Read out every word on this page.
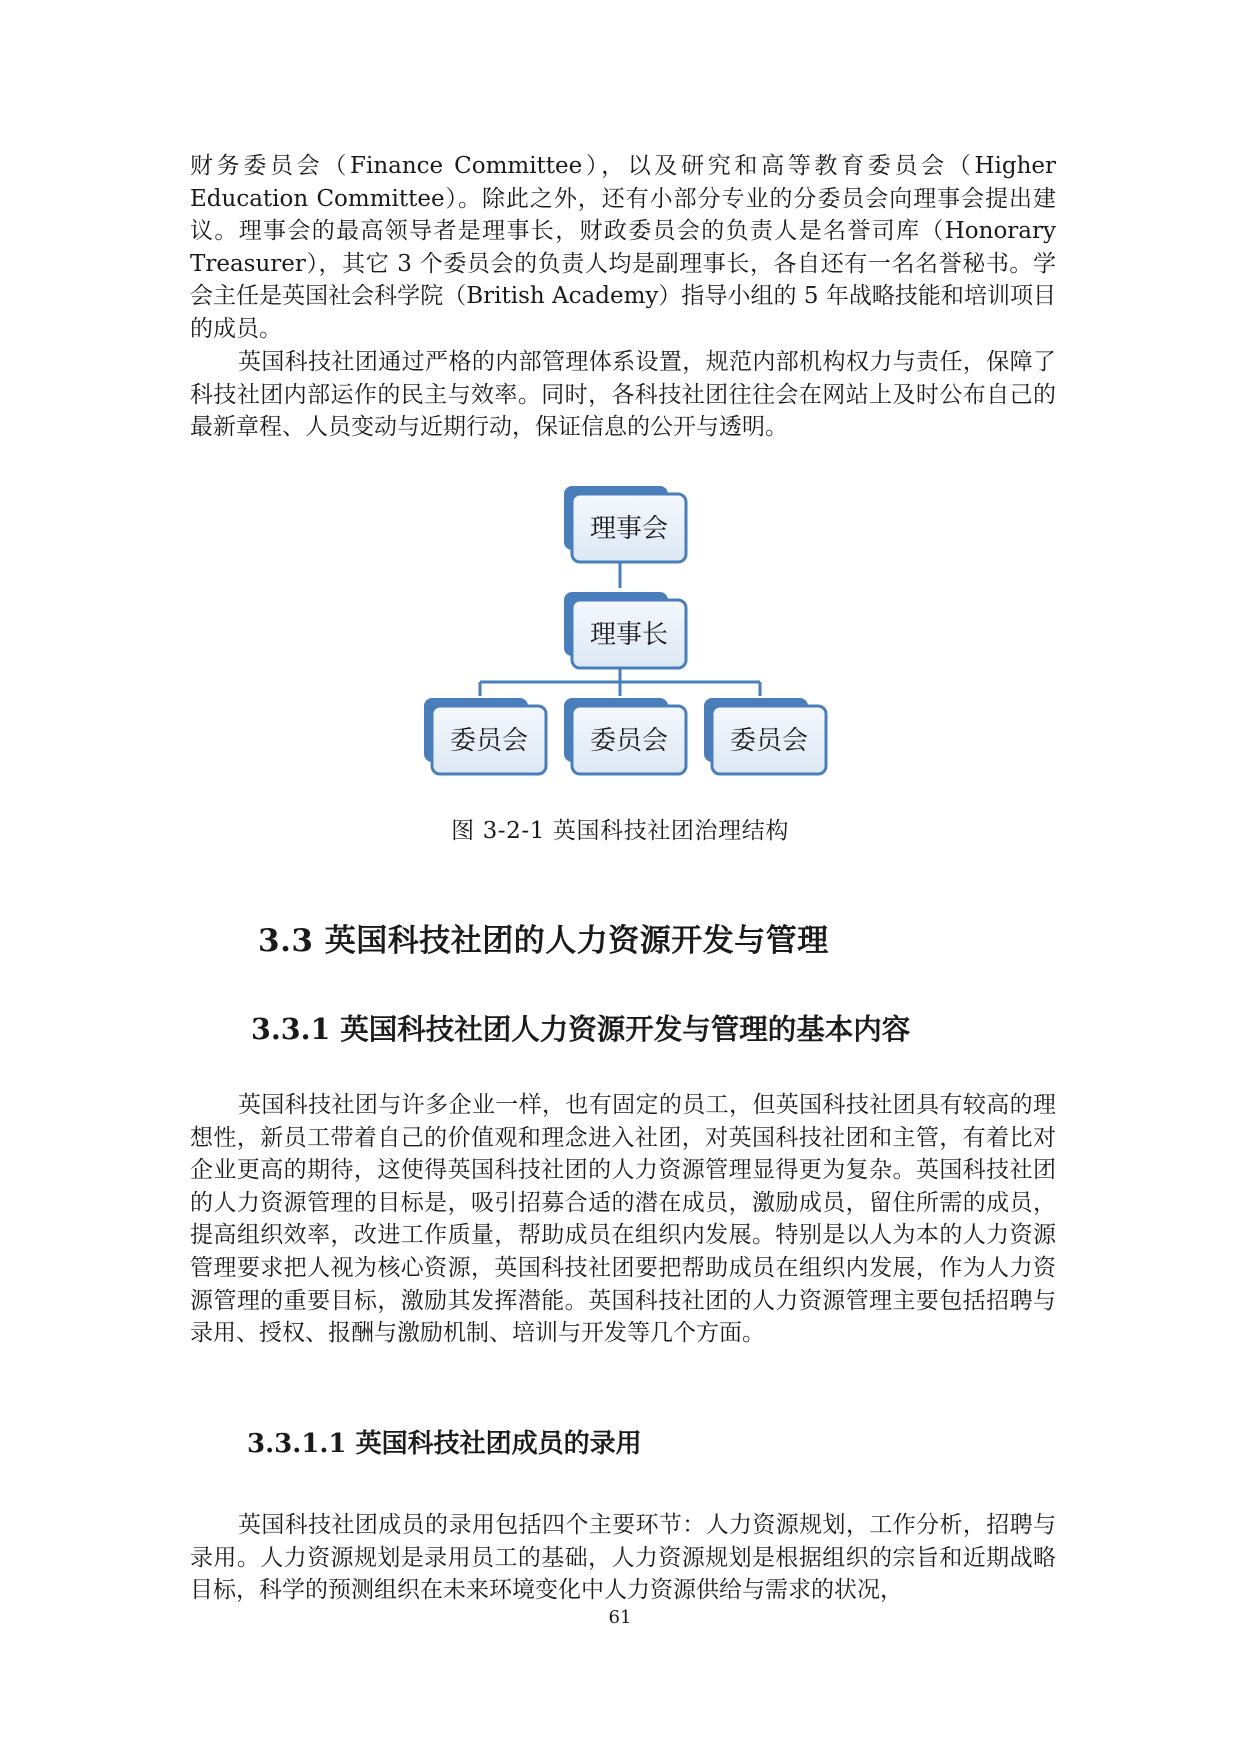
财务委员会（Finance Committee），以及研究和高等教育委员会（Higher Education Committee）。除此之外，还有小部分专业的分委员会向理事会提出建议。理事会的最高领导者是理事长，财政委员会的负责人是名誉司库（Honorary Treasurer），其它 3 个委员会的负责人均是副理事长，各自还有一名名誉秘书。学会主任是英国社会科学院（British Academy）指导小组的 5 年战略技能和培训项目的成员。

英国科技社团通过严格的内部管理体系设置，规范内部机构权力与责任，保障了科技社团内部运作的民主与效率。同时，各科技社团往往会在网站上及时公布自己的最新章程、人员变动与近期行动，保证信息的公开与透明。

理事会
理事长
委员会 委员会 委员会
图 3-2-1 英国科技社团治理结构
3.3 英国科技社团的人力资源开发与管理
3.3.1 英国科技社团人力资源开发与管理的基本内容

英国科技社团与许多企业一样，也有固定的员工，但英国科技社团具有较高的理想性，新员工带着自己的价值观和理念进入社团，对英国科技社团和主管，有着比对企业更高的期待，这使得英国科技社团的人力资源管理显得更为复杂。英国科技社团的人力资源管理的目标是，吸引招募合适的潜在成员，激励成员，留住所需的成员，提高组织效率，改进工作质量，帮助成员在组织内发展。特别是以人为本的人力资源管理要求把人视为核心资源，英国科技社团要把帮助成员在组织内发展，作为人力资源管理的重要目标，激励其发挥潜能。英国科技社团的人力资源管理主要包括招聘与录用、授权、报酬与激励机制、培训与开发等几个方面。

3.3.1.1 英国科技社团成员的录用

英国科技社团成员的录用包括四个主要环节：人力资源规划，工作分析，招聘与录用。人力资源规划是录用员工的基础，人力资源规划是根据组织的宗旨和近期战略目标，科学的预测组织在未来环境变化中人力资源供给与需求的状况，

61
